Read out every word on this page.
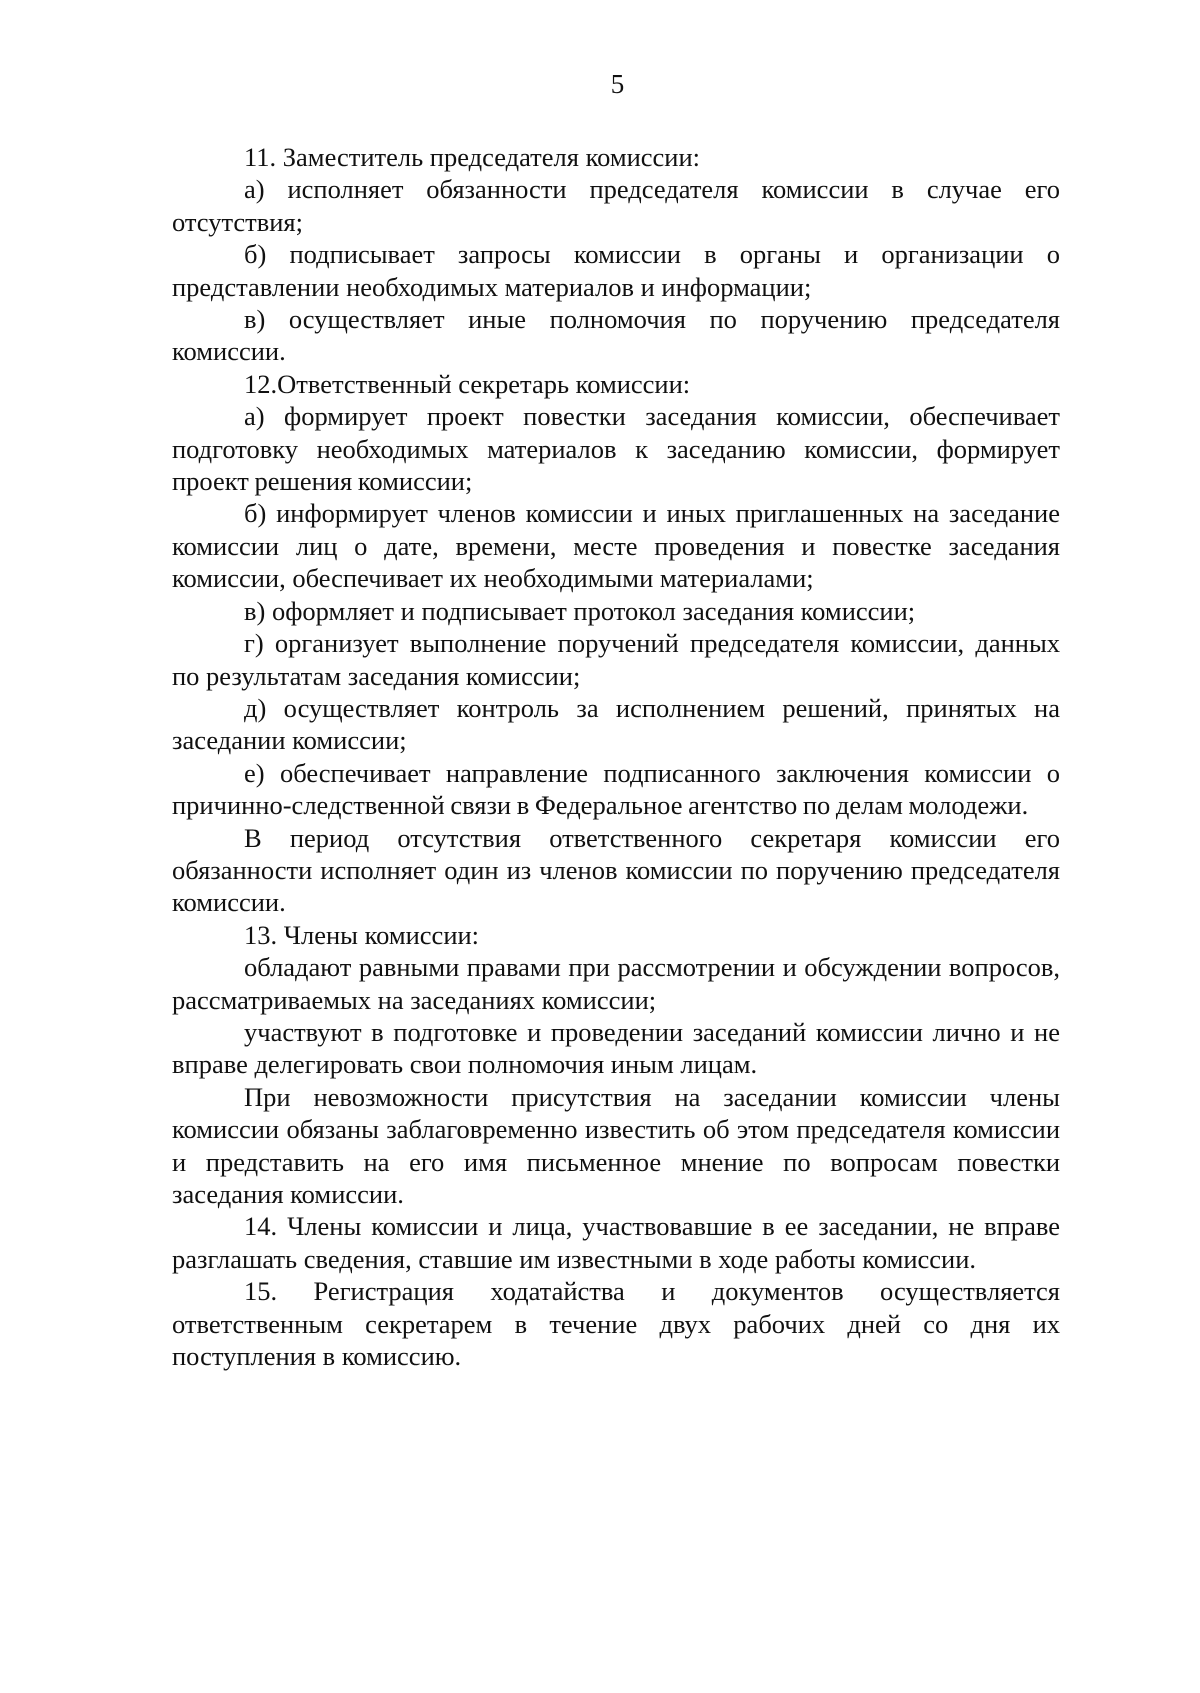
5

11. Заместитель председателя комиссии:

а) исполняет обязанности председателя комиссии в случае его отсутствия;

б) подписывает запросы комиссии в органы и организации о представлении необходимых материалов и информации;

в) осуществляет иные полномочия по поручению председателя комиссии.

12.Ответственный секретарь комиссии:

а) формирует проект повестки заседания комиссии, обеспечивает подготовку необходимых материалов к заседанию комиссии, формирует проект решения комиссии;

б) информирует членов комиссии и иных приглашенных на заседание комиссии лиц о дате, времени, месте проведения и повестке заседания комиссии, обеспечивает их необходимыми материалами;

в) оформляет и подписывает протокол заседания комиссии;

г) организует выполнение поручений председателя комиссии, данных по результатам заседания комиссии;

д) осуществляет контроль за исполнением решений, принятых на заседании комиссии;

е) обеспечивает направление подписанного заключения комиссии о причинно-следственной связи в Федеральное агентство по делам молодежи.

В период отсутствия ответственного секретаря комиссии его обязанности исполняет один из членов комиссии по поручению председателя комиссии.

13. Члены комиссии:

обладают равными правами при рассмотрении и обсуждении вопросов, рассматриваемых на заседаниях комиссии;

участвуют в подготовке и проведении заседаний комиссии лично и не вправе делегировать свои полномочия иным лицам.

При невозможности присутствия на заседании комиссии члены комиссии обязаны заблаговременно известить об этом председателя комиссии и представить на его имя письменное мнение по вопросам повестки заседания комиссии.

14. Члены комиссии и лица, участвовавшие в ее заседании, не вправе разглашать сведения, ставшие им известными в ходе работы комиссии.

15. Регистрация ходатайства и документов осуществляется ответственным секретарем в течение двух рабочих дней со дня их поступления в комиссию.
